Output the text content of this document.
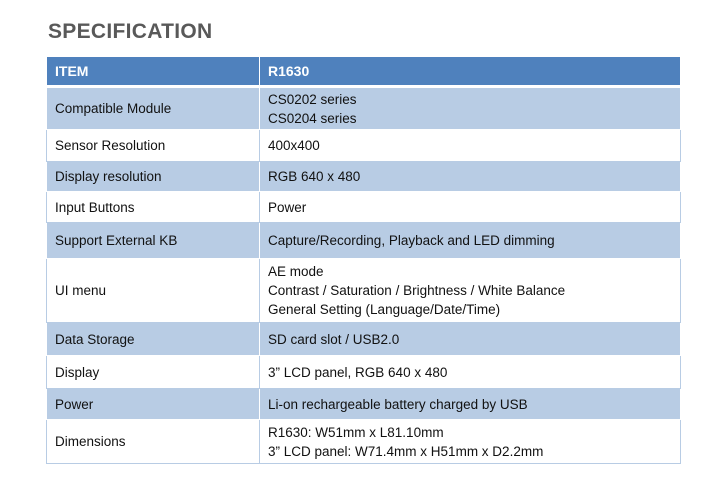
SPECIFICATION
ITEM	R1630
Compatible Module	CS0202 series
CS0204 series

Sensor Resolution	400x400

Display resolution	RGB 640 x 480

Input Buttons	Power

Support External KB	Capture/Recording, Playback and LED dimming

UI menu	AE mode
Contrast / Saturation / Brightness / White Balance
General Setting (Language/Date/Time)

Data Storage	SD card slot / USB2.0

Display	3” LCD panel, RGB 640 x 480

Power	Li-on rechargeable battery charged by USB

Dimensions	R1630: W51mm x L81.10mm
3” LCD panel: W71.4mm x H51mm x D2.2mm
